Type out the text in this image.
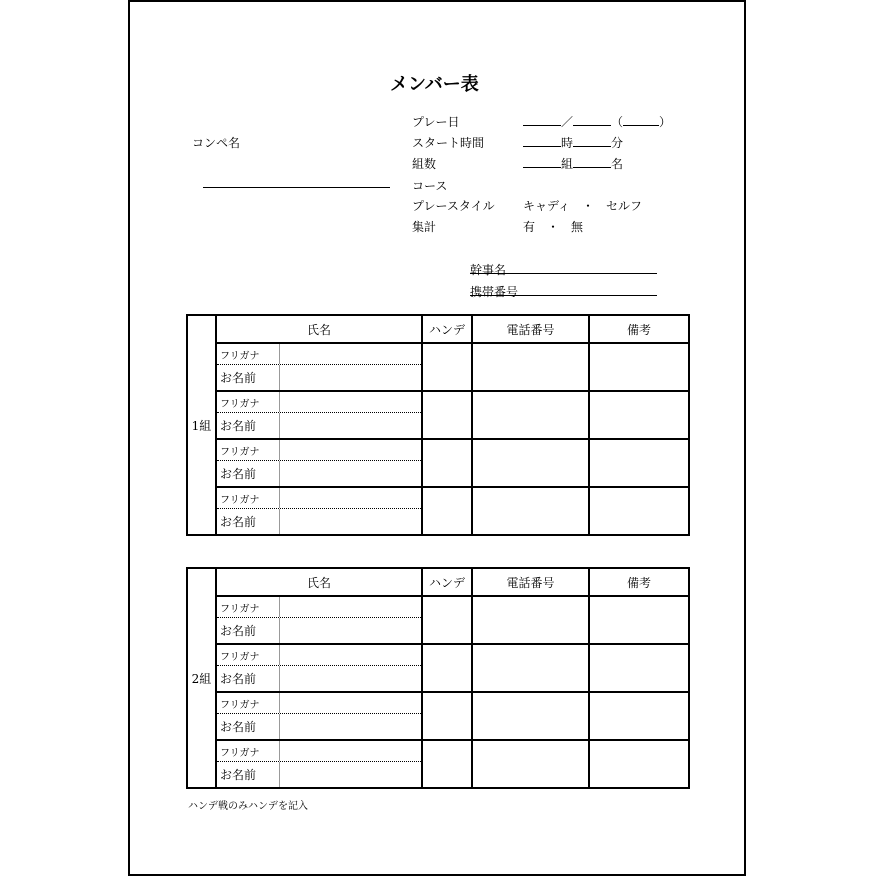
メンバー表
コンペ名
プレー日	／	（	）
スタート時間	時	分
組数	組	名
コース
プレースタイル キャディ　・　セルフ
集計	有　・　無
幹事名
携帯番号
1組	氏名	ハンデ	電話番号	備考

フリガナ
お名前			

フリガナ
お名前			

フリガナ
お名前			

フリガナ
お名前			

2組	氏名	ハンデ	電話番号	備考

フリガナ
お名前			

フリガナ
お名前			

フリガナ
お名前			

フリガナ
お名前			

ハンデ戦のみハンデを記入
